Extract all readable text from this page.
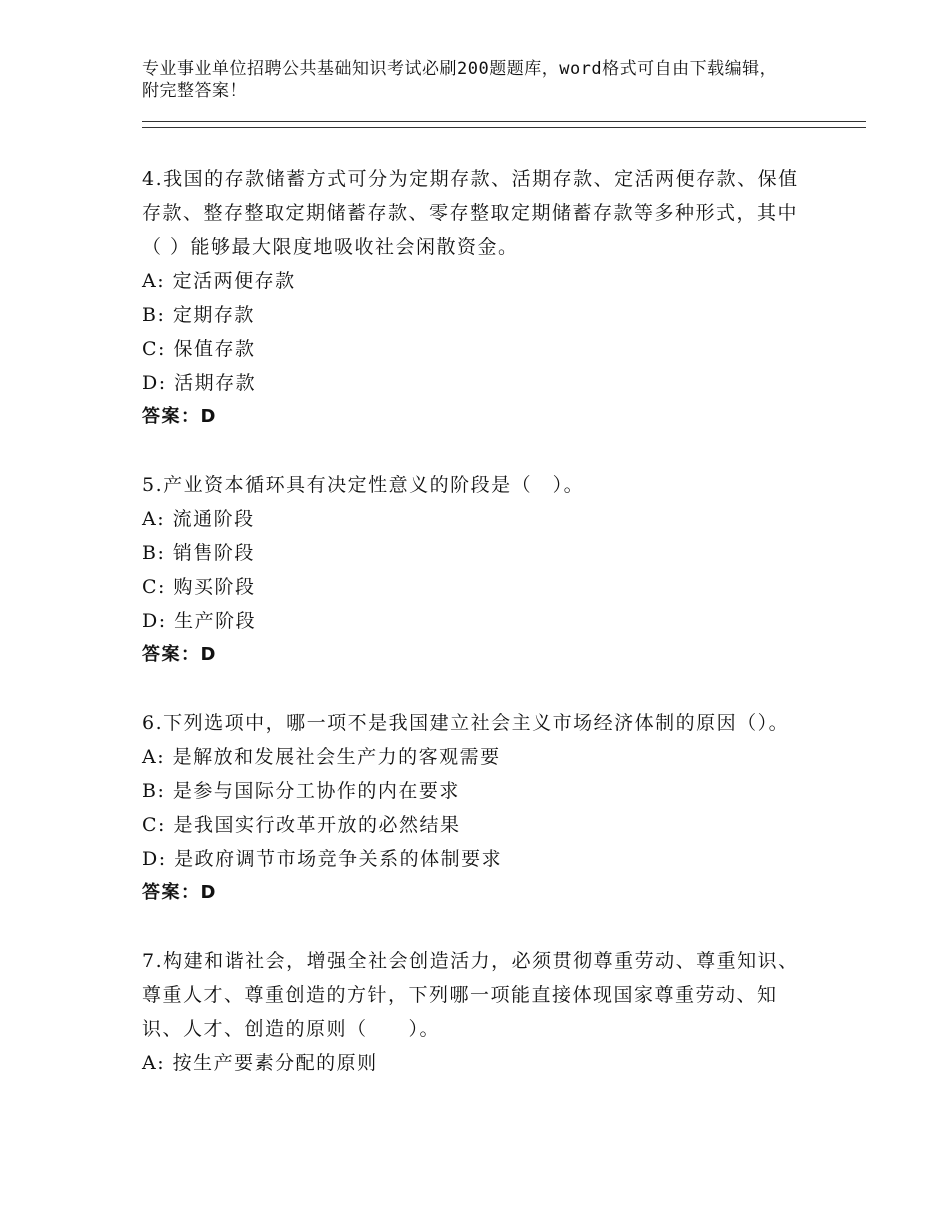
专业事业单位招聘公共基础知识考试必刷200题题库，word格式可自由下载编辑，附完整答案！

4.我国的存款储蓄方式可分为定期存款、活期存款、定活两便存款、保值存款、整存整取定期储蓄存款、零存整取定期储蓄存款等多种形式，其中（ ）能够最大限度地吸收社会闲散资金。

A: 定活两便存款

B: 定期存款

C: 保值存款

D: 活期存款

答案：D

5.产业资本循环具有决定性意义的阶段是（　）。

A: 流通阶段

B: 销售阶段

C: 购买阶段

D: 生产阶段

答案：D

6.下列选项中，哪一项不是我国建立社会主义市场经济体制的原因（）。

A: 是解放和发展社会生产力的客观需要

B: 是参与国际分工协作的内在要求

C: 是我国实行改革开放的必然结果

D: 是政府调节市场竞争关系的体制要求

答案：D

7.构建和谐社会，增强全社会创造活力，必须贯彻尊重劳动、尊重知识、尊重人才、尊重创造的方针，下列哪一项能直接体现国家尊重劳动、知识、人才、创造的原则（　　）。

A: 按生产要素分配的原则
